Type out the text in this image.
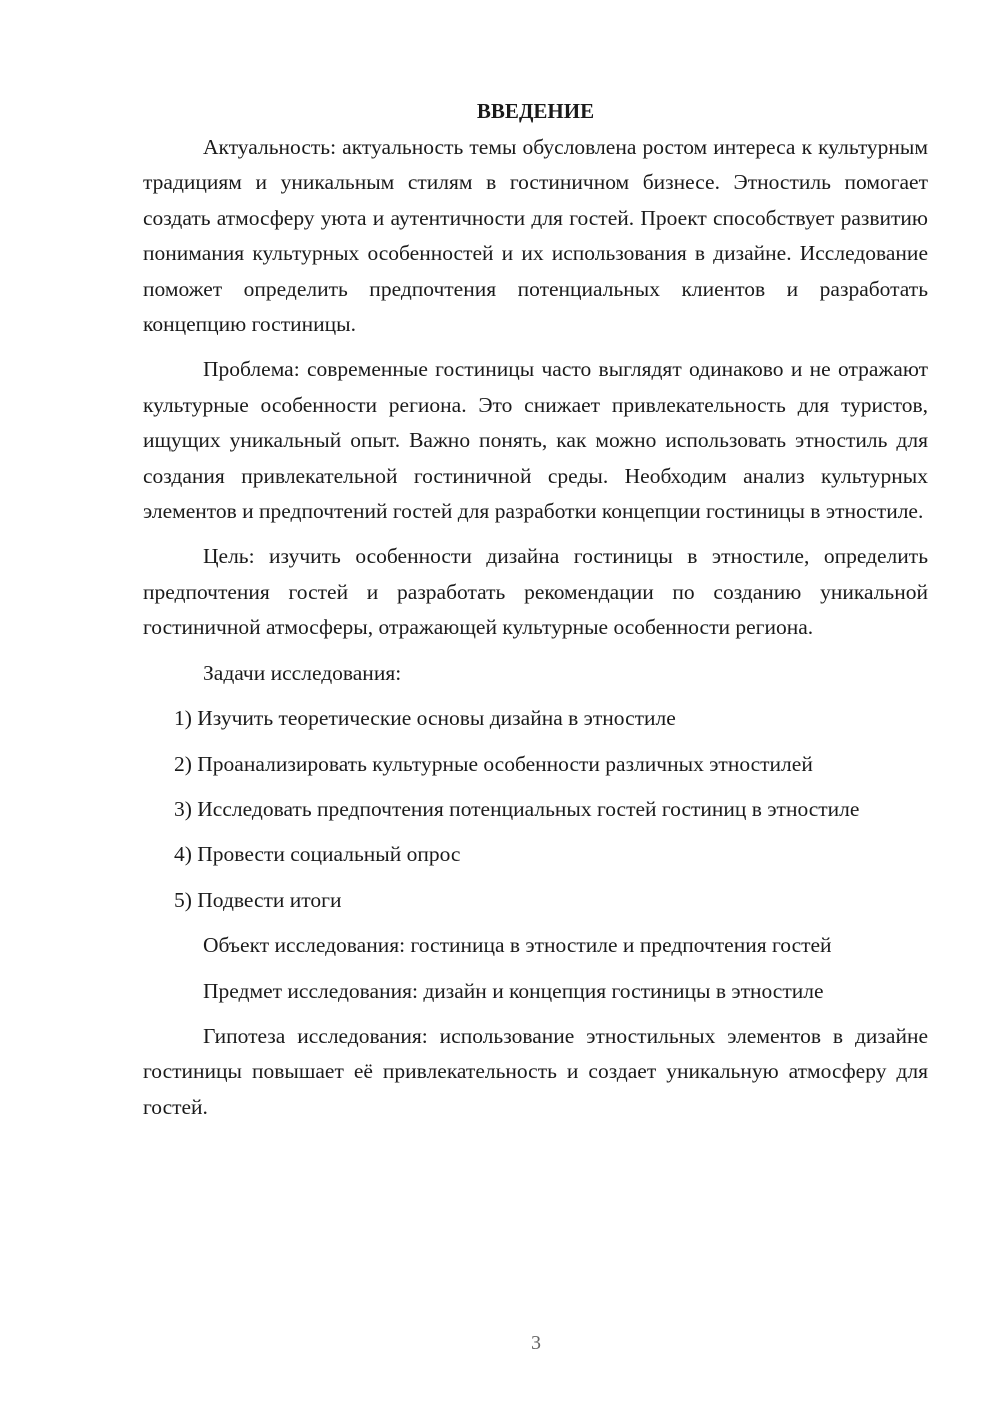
ВВЕДЕНИЕ

Актуальность: актуальность темы обусловлена ростом интереса к культурным традициям и уникальным стилям в гостиничном бизнесе. Этностиль помогает создать атмосферу уюта и аутентичности для гостей. Проект способствует развитию понимания культурных особенностей и их использования в дизайне. Исследование поможет определить предпочтения потенциальных клиентов и разработать концепцию гостиницы.

Проблема: современные гостиницы часто выглядят одинаково и не отражают культурные особенности региона. Это снижает привлекательность для туристов, ищущих уникальный опыт. Важно понять, как можно использовать этностиль для создания привлекательной гостиничной среды. Необходим анализ культурных элементов и предпочтений гостей для разработки концепции гостиницы в этностиле.

Цель: изучить особенности дизайна гостиницы в этностиле, определить предпочтения гостей и разработать рекомендации по созданию уникальной гостиничной атмосферы, отражающей культурные особенности региона.

Задачи исследования:

1) Изучить теоретические основы дизайна в этностиле

2) Проанализировать культурные особенности различных этностилей

3) Исследовать предпочтения потенциальных гостей гостиниц в этностиле

4) Провести социальный опрос

5) Подвести итоги

Объект исследования: гостиница в этностиле и предпочтения гостей

Предмет исследования: дизайн и концепция гостиницы в этностиле

Гипотеза исследования: использование этностильных элементов в дизайне гостиницы повышает её привлекательность и создает уникальную атмосферу для гостей.

3
